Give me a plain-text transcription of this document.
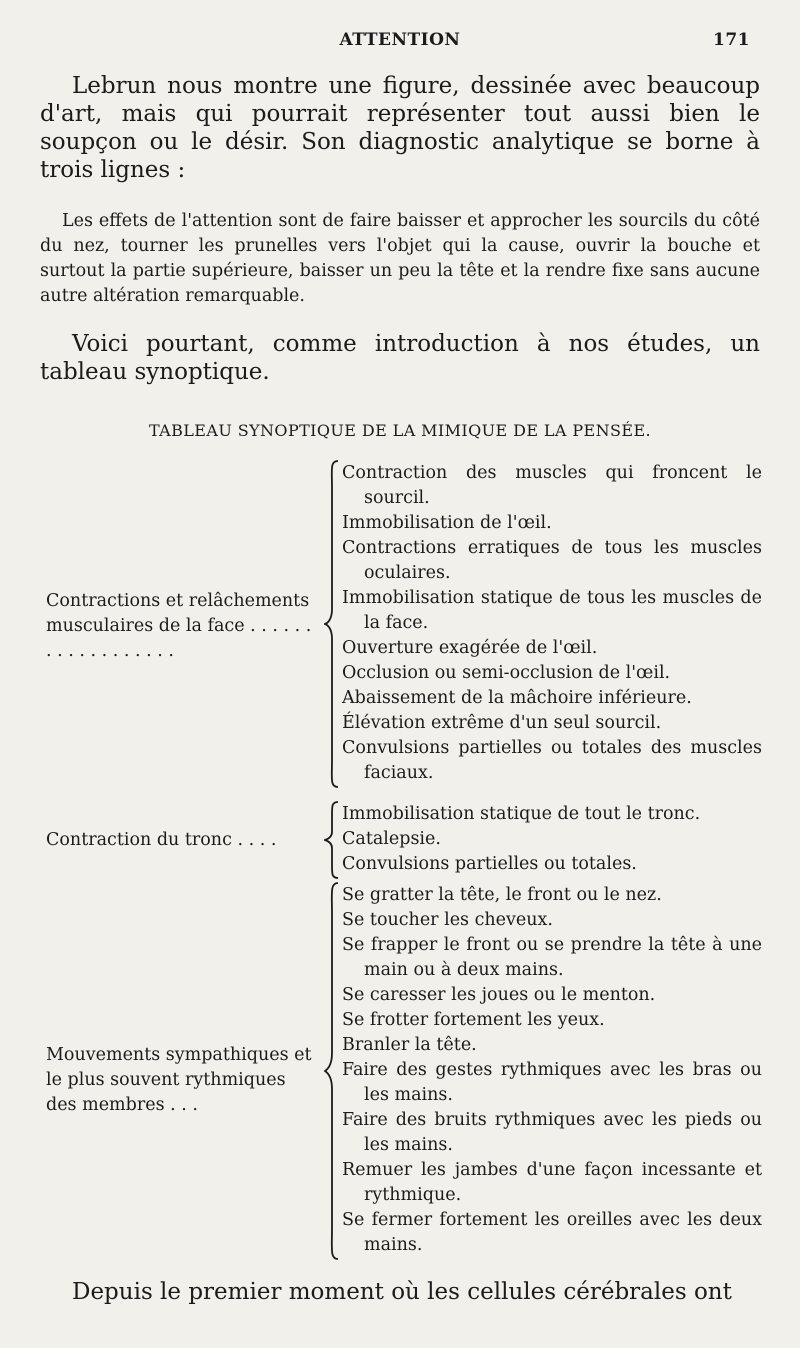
ATTENTION	171

Lebrun nous montre une figure, dessinée avec beaucoup d'art, mais qui pourrait représenter tout aussi bien le soupçon ou le désir. Son diagnostic analytique se borne à trois lignes :

Les effets de l'attention sont de faire baisser et approcher les sourcils du côté du nez, tourner les prunelles vers l'objet qui la cause, ouvrir la bouche et surtout la partie supérieure, baisser un peu la tête et la rendre fixe sans aucune autre altération remarquable.

Voici pourtant, comme introduction à nos études, un tableau synoptique.

TABLEAU SYNOPTIQUE DE LA MIMIQUE DE LA PENSÉE.
Contractions et relâchements musculaires de la face . . .
Contraction des muscles qui froncent le sourcil.
Immobilisation de l'œil.
Contractions erratiques de tous les muscles oculaires.
Immobilisation statique de tous les muscles de la face.
Ouverture exagérée de l'œil.
Occlusion ou semi-occlusion de l'œil.
Abaissement de la mâchoire inférieure.
Élévation extrême d'un seul sourcil.
Convulsions partielles ou totales des muscles faciaux.
Contraction du tronc . . . .
Immobilisation statique de tout le tronc.
Catalepsie.
Convulsions partielles ou totales.
Mouvements sympathiques et le plus souvent rythmiques des membres . . .
Se gratter la tête, le front ou le nez.
Se toucher les cheveux.
Se frapper le front ou se prendre la tête à une main ou à deux mains.
Se caresser les joues ou le menton.
Se frotter fortement les yeux.
Branler la tête.
Faire des gestes rythmiques avec les bras ou les mains.
Faire des bruits rythmiques avec les pieds ou les mains.
Remuer les jambes d'une façon incessante et rythmique.
Se fermer fortement les oreilles avec les deux mains.
Depuis le premier moment où les cellules cérébrales ont
